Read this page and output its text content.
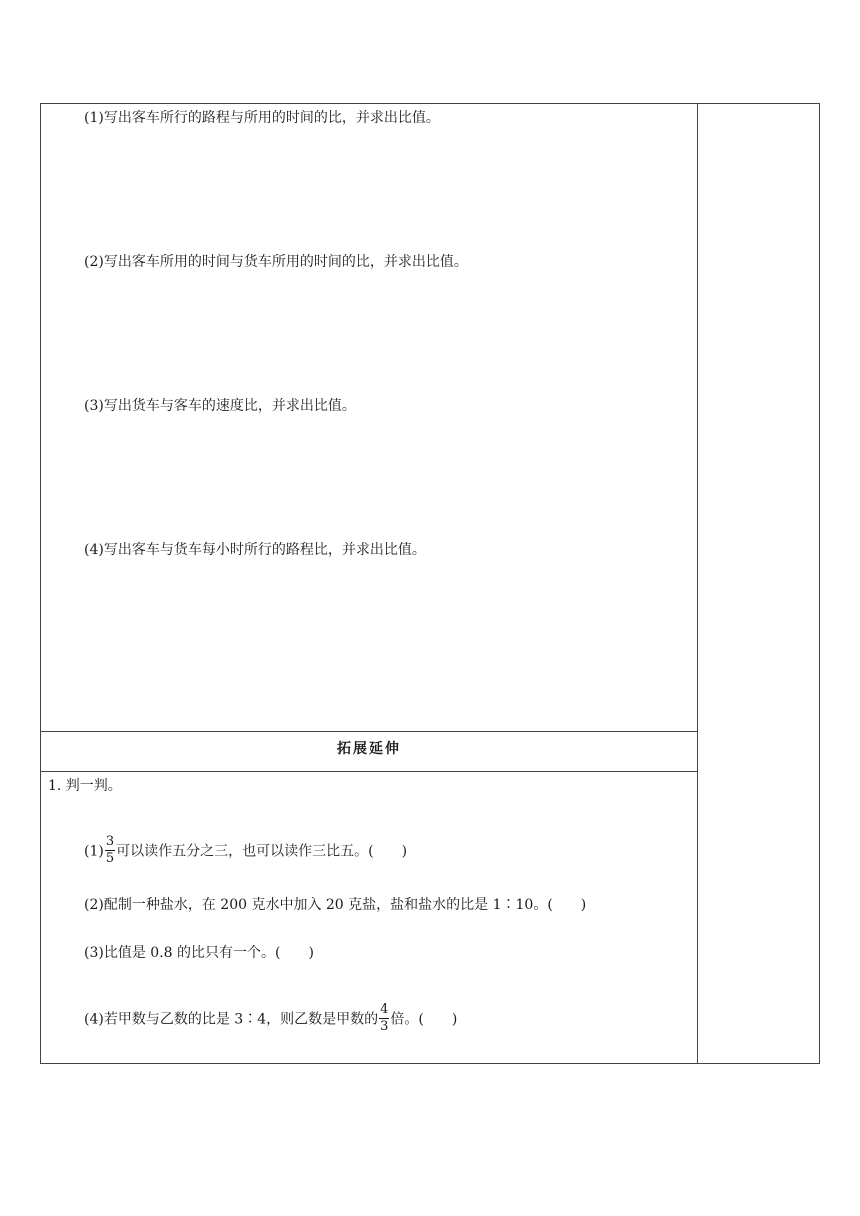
(1)写出客车所行的路程与所用的时间的比，并求出比值。
(2)写出客车所用的时间与货车所用的时间的比，并求出比值。
(3)写出货车与客车的速度比，并求出比值。
(4)写出客车与货车每小时所行的路程比，并求出比值。
拓展延伸
1. 判一判。
$(1) \frac{3}{5}$ 可以读作五分之三，也可以读作三比五。(　　)
(2)配制一种盐水，在 200 克水中加入 20 克盐，盐和盐水的比是 1∶10。(　　)
(3)比值是 0.8 的比只有一个。(　　)
(4)若甲数与乙数的比是 3∶4，则乙数是甲数的 $\frac{4}{3}$ 倍。(　　)
